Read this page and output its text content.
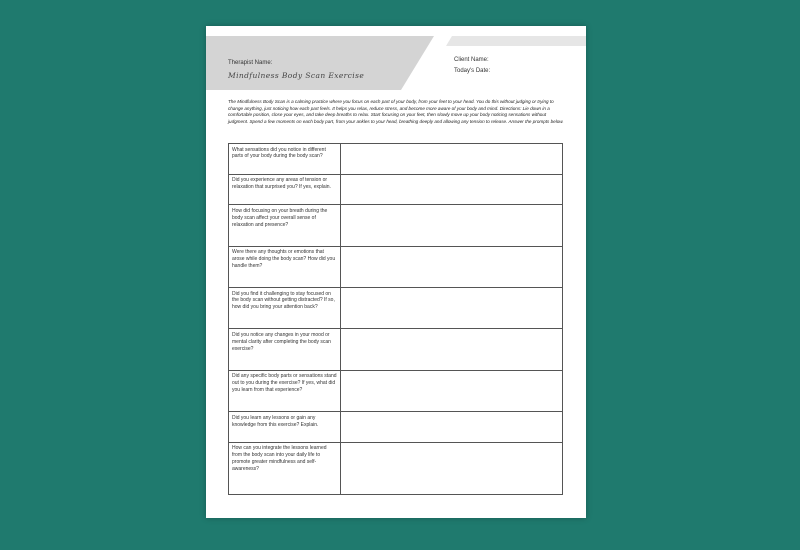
Therapist Name:
Mindfulness Body Scan Exercise
Client Name:
Today's Date:
The Mindfulness Body Scan is a calming practice where you focus on each part of your body, from your feet to your head. You do this without judging or trying to change anything, just noticing how each part feels. It helps you relax, reduce stress, and become more aware of your body and mind. Directions: Lie down in a comfortable position, close your eyes, and take deep breaths to relax. Start focusing on your feet, then slowly move up your body noticing sensations without judgment. Spend a few moments on each body part, from your ankles to your head, breathing deeply and allowing any tension to release. Answer the prompts below.
What sensations did you notice in different parts of your body during the body scan?	
Did you experience any areas of tension or relaxation that surprised you? If yes, explain.	
How did focusing on your breath during the body scan affect your overall sense of relaxation and presence?	
Were there any thoughts or emotions that arose while doing the body scan? How did you handle them?	
Did you find it challenging to stay focused on the body scan without getting distracted? If so, how did you bring your attention back?	
Did you notice any changes in your mood or mental clarity after completing the body scan exercise?	
Did any specific body parts or sensations stand out to you during the exercise? If yes, what did you learn from that experience?	
Did you learn any lessons or gain any knowledge from this exercise? Explain.	
How can you integrate the lessons learned from the body scan into your daily life to promote greater mindfulness and self-awareness?	
